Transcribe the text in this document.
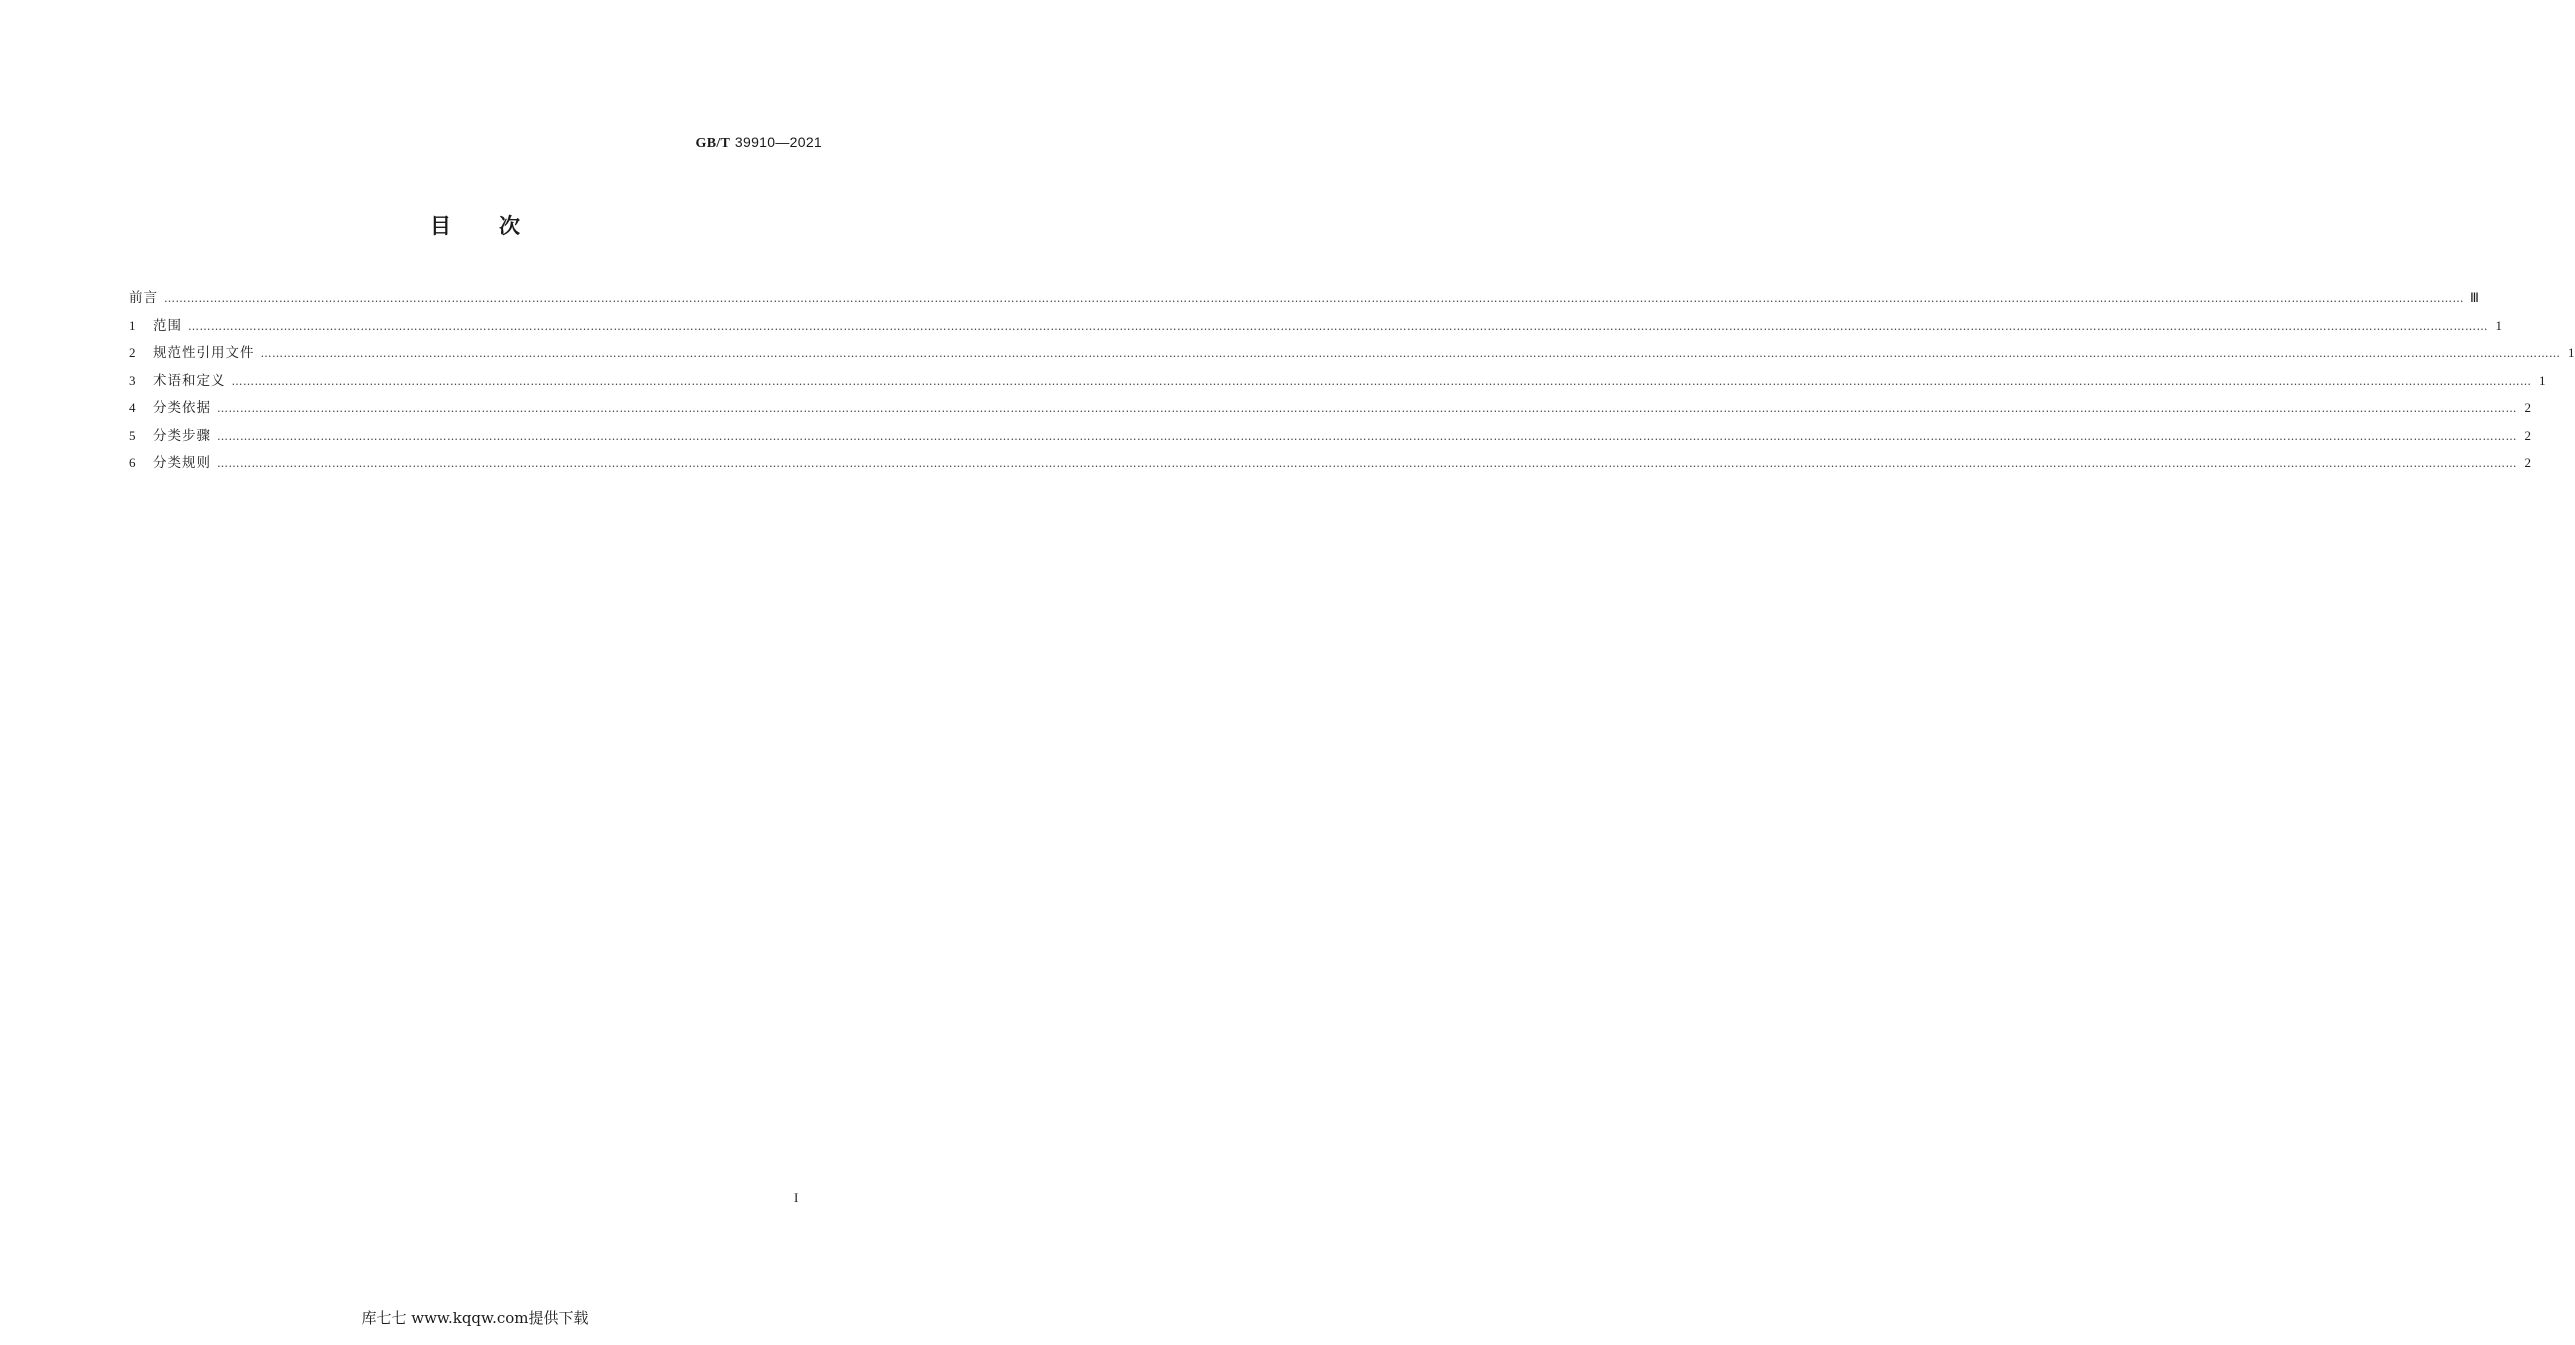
GB/T 39910—2021
目 次
前言 …………………………………………………………………………………………………………………………………………………………………………………………………………………………………………………………………………………………………………………………………………………………………………………………………………………………………………………………………………………………………………………………………………………… Ⅲ
1	范围 …………………………………………………………………………………………………………………………………………………………………………………………………………………………………………………………………………………………………………………………………………………………………………………………………………………………………………………………………………………………………………………………………………………… 1
2	规范性引用文件 …………………………………………………………………………………………………………………………………………………………………………………………………………………………………………………………………………………………………………………………………………………………………………………………………………………………………………………………………………………………………………………………………………………… 1
3	术语和定义 …………………………………………………………………………………………………………………………………………………………………………………………………………………………………………………………………………………………………………………………………………………………………………………………………………………………………………………………………………………………………………………………………………………… 1
4	分类依据 …………………………………………………………………………………………………………………………………………………………………………………………………………………………………………………………………………………………………………………………………………………………………………………………………………………………………………………………………………………………………………………………………………………… 2
5	分类步骤 …………………………………………………………………………………………………………………………………………………………………………………………………………………………………………………………………………………………………………………………………………………………………………………………………………………………………………………………………………………………………………………………………………………… 2
6	分类规则 …………………………………………………………………………………………………………………………………………………………………………………………………………………………………………………………………………………………………………………………………………………………………………………………………………………………………………………………………………………………………………………………………………………… 2
I
库七七 www.kqqw.com提供下载
